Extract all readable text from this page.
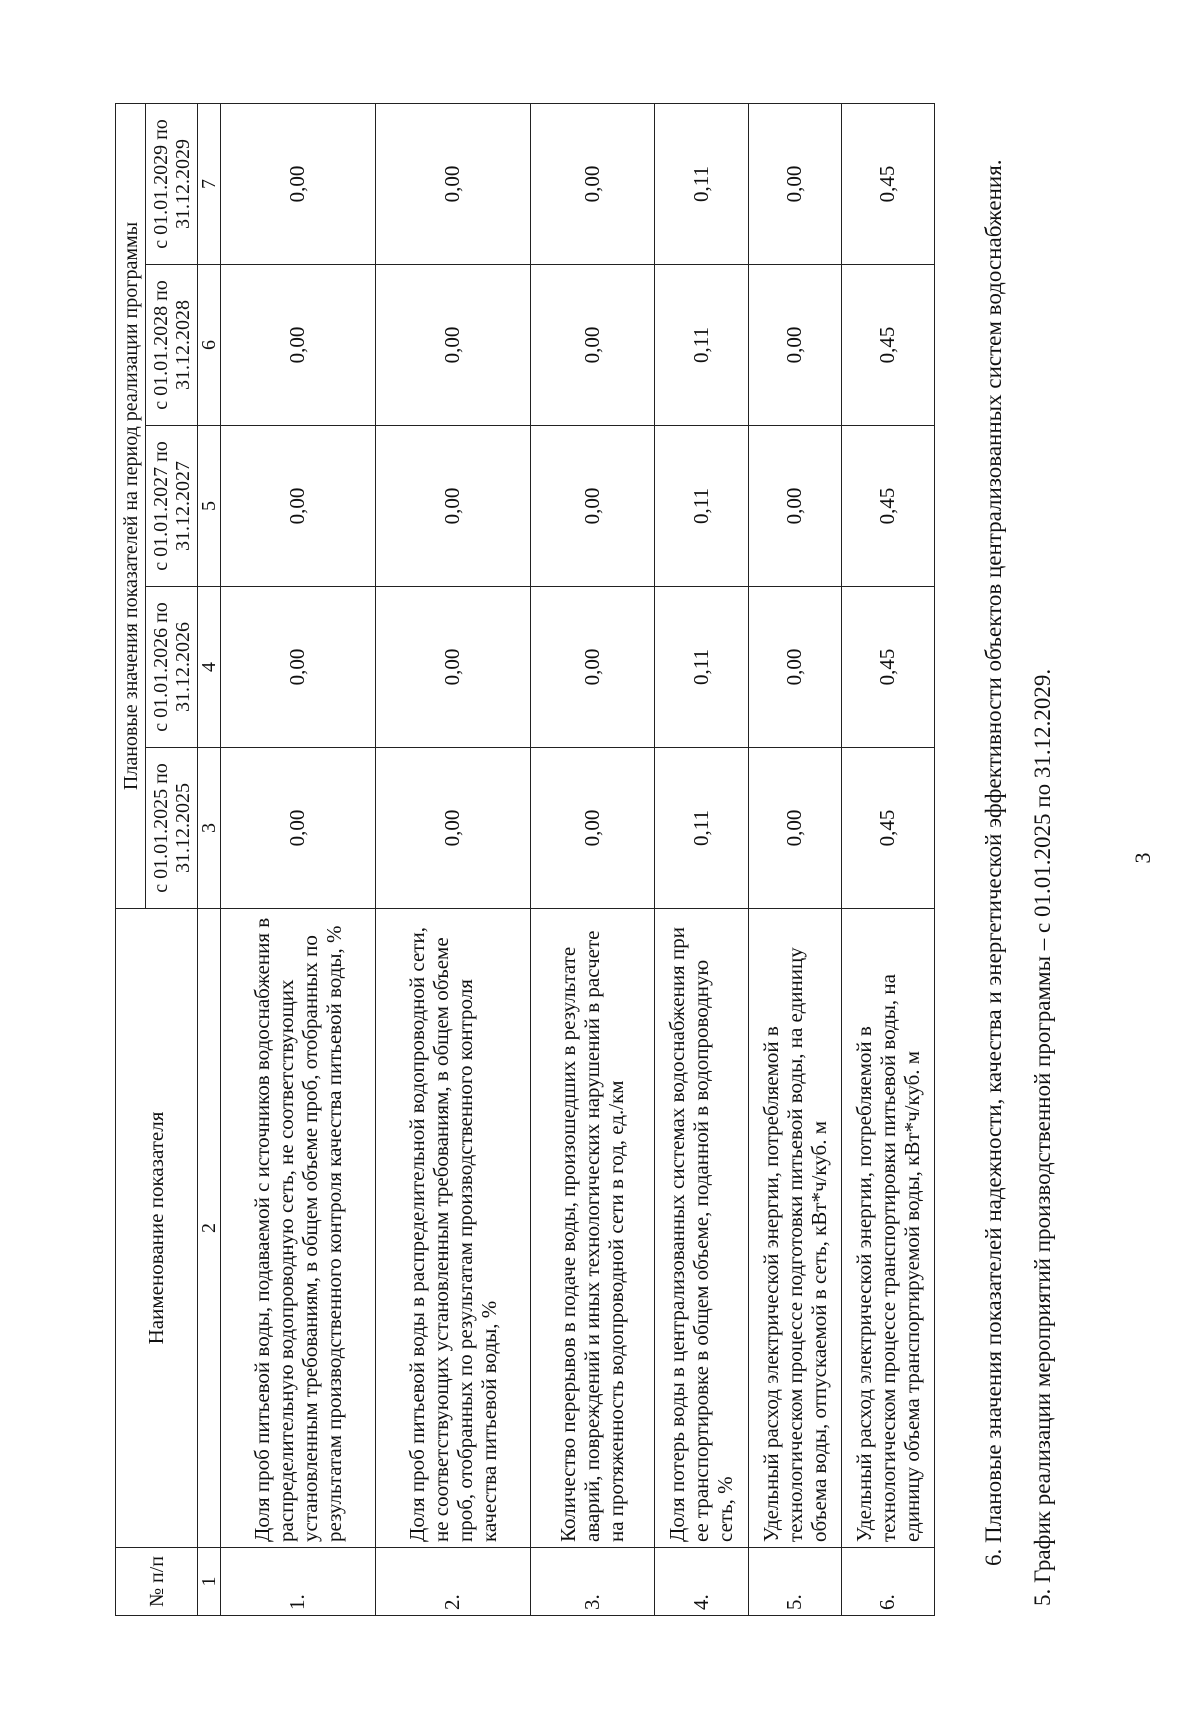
3
5. График реализации мероприятий производственной программы – с 01.01.2025 по 31.12.2029.
6. Плановые значения показателей надежности, качества и энергетической эффективности объектов централизованных систем водоснабжения.
№ п/п	Наименование показателя	Плановые значения показателей на период реализации программы				
		с 01.01.2025 по 31.12.2025	с 01.01.2026 по 31.12.2026	с 01.01.2027 по 31.12.2027	с 01.01.2028 по 31.12.2028	с 01.01.2029 по 31.12.2029
1	2	3	4	5	6	7
1.	Доля проб питьевой воды, подаваемой с источников водоснабжения в распределительную водопроводную сеть, не соответствующих установленным требованиям, в общем объеме проб, отобранных по результатам производственного контроля качества питьевой воды, %	0,00	0,00	0,00	0,00	0,00
2.	Доля проб питьевой воды в распределительной водопроводной сети, не соответствующих установленным требованиям, в общем объеме проб, отобранных по результатам производственного контроля качества питьевой воды, %	0,00	0,00	0,00	0,00	0,00
3.	Количество перерывов в подаче воды, произошедших в результате аварий, повреждений и иных технологических нарушений в расчете на протяженность водопроводной сети в год, ед./км	0,00	0,00	0,00	0,00	0,00
4.	Доля потерь воды в централизованных системах водоснабжения при ее транспортировке в общем объеме, поданной в водопроводную сеть, %	0,11	0,11	0,11	0,11	0,11
5.	Удельный расход электрической энергии, потребляемой в технологическом процессе подготовки питьевой воды, на единицу объема воды, отпускаемой в сеть, кВт*ч/куб. м	0,00	0,00	0,00	0,00	0,00
6.	Удельный расход электрической энергии, потребляемой в технологическом процессе транспортировки питьевой воды, на единицу объема транспортируемой воды, кВт*ч/куб. м	0,45	0,45	0,45	0,45	0,45
